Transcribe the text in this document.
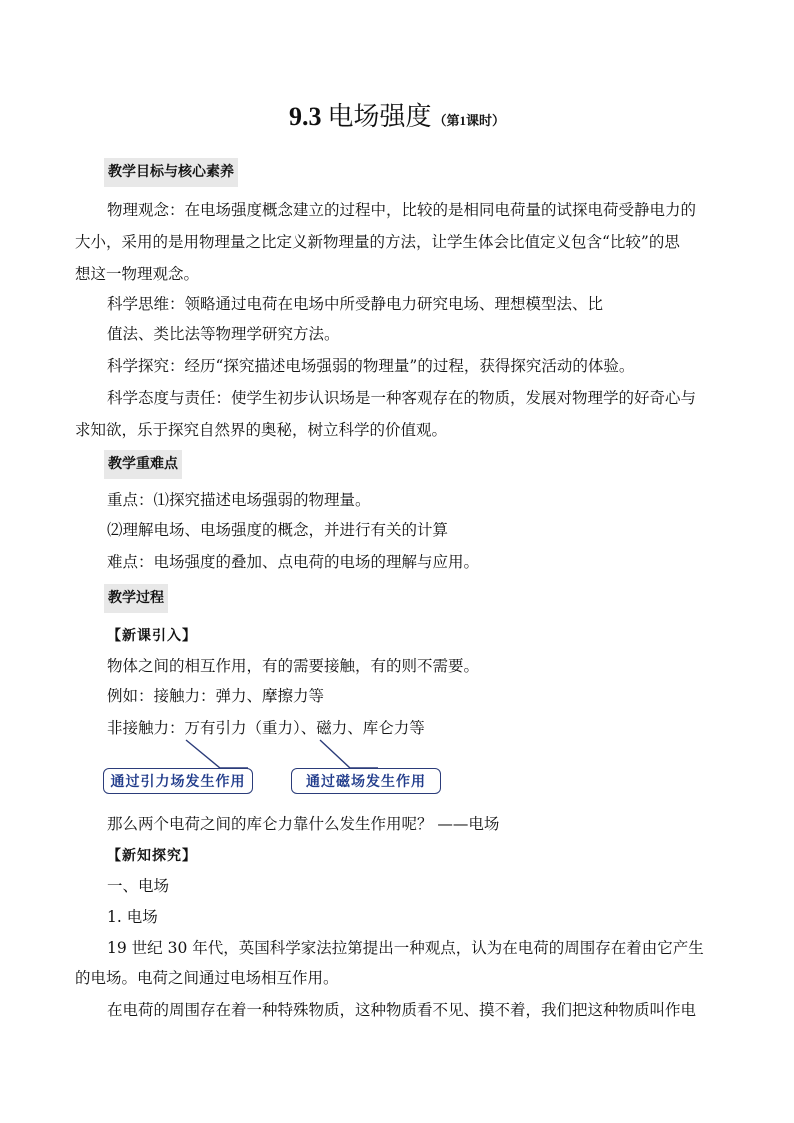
9.3 电场强度 （第1课时）
教学目标与核心素养
物理观念：在电场强度概念建立的过程中，比较的是相同电荷量的试探电荷受静电力的
大小，采用的是用物理量之比定义新物理量的方法，让学生体会比值定义包含“比较”的思
想这一物理观念。
科学思维：领略通过电荷在电场中所受静电力研究电场、理想模型法、比
值法、类比法等物理学研究方法。
科学探究：经历“探究描述电场强弱的物理量”的过程，获得探究活动的体验。
科学态度与责任：使学生初步认识场是一种客观存在的物质，发展对物理学的好奇心与
求知欲，乐于探究自然界的奥秘，树立科学的价值观。
教学重难点
重点：⑴探究描述电场强弱的物理量。
⑵理解电场、电场强度的概念，并进行有关的计算
难点：电场强度的叠加、点电荷的电场的理解与应用。
教学过程
【新课引入】
物体之间的相互作用，有的需要接触，有的则不需要。
例如：接触力：弹力、摩擦力等
非接触力：万有引力（重力）、磁力、库仑力等
通过引力场发生作用	通过磁场发生作用
那么两个电荷之间的库仑力靠什么发生作用呢？ ——电场
【新知探究】
一、电场
1. 电场
19 世纪 30 年代，英国科学家法拉第提出一种观点，认为在电荷的周围存在着由它产生
的电场。电荷之间通过电场相互作用。
在电荷的周围存在着一种特殊物质，这种物质看不见、摸不着，我们把这种物质叫作电
